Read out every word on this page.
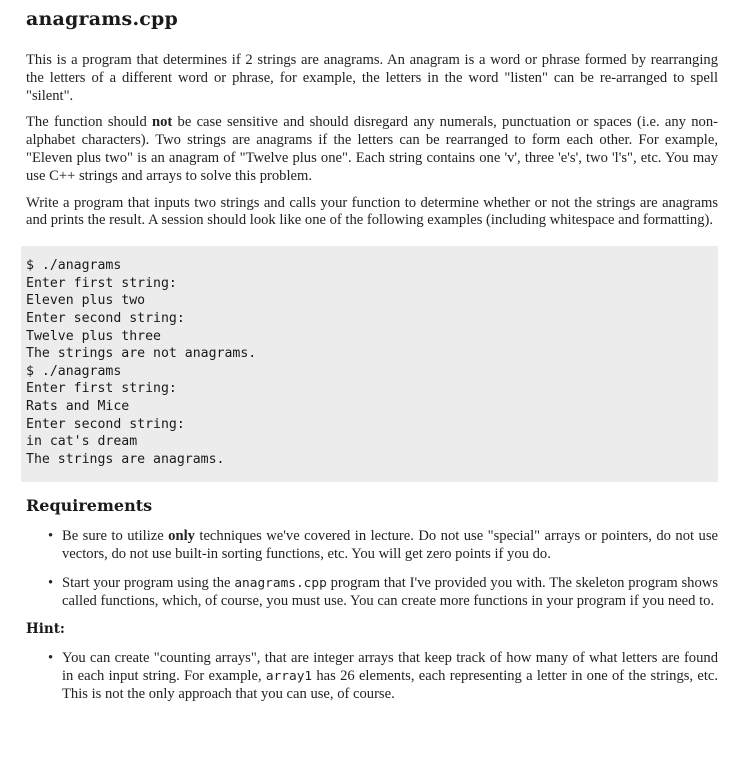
anagrams.cpp

This is a program that determines if 2 strings are anagrams. An anagram is a word or phrase formed by rearranging the letters of a different word or phrase, for example, the letters in the word "listen" can be re-arranged to spell "silent".

The function should not be case sensitive and should disregard any numerals, punctuation or spaces (i.e. any non-alphabet characters). Two strings are anagrams if the letters can be rearranged to form each other. For example, "Eleven plus two" is an anagram of "Twelve plus one". Each string contains one 'v', three 'e's', two 'l's", etc. You may use C++ strings and arrays to solve this problem.

Write a program that inputs two strings and calls your function to determine whether or not the strings are anagrams and prints the result. A session should look like one of the following examples (including whitespace and formatting).

$ ./anagrams
Enter first string:
Eleven plus two
Enter second string:
Twelve plus three
The strings are not anagrams.
$ ./anagrams
Enter first string:
Rats and Mice
Enter second string:
in cat's dream
The strings are anagrams.
Requirements
• Be sure to utilize only techniques we've covered in lecture. Do not use "special" arrays or pointers, do not use vectors, do not use built-in sorting functions, etc. You will get zero points if you do.
• Start your program using the anagrams.cpp program that I've provided you with. The skeleton program shows called functions, which, of course, you must use. You can create more functions in your program if you need to.
Hint:
• You can create "counting arrays", that are integer arrays that keep track of how many of what letters are found in each input string. For example, array1 has 26 elements, each representing a letter in one of the strings, etc. This is not the only approach that you can use, of course.
